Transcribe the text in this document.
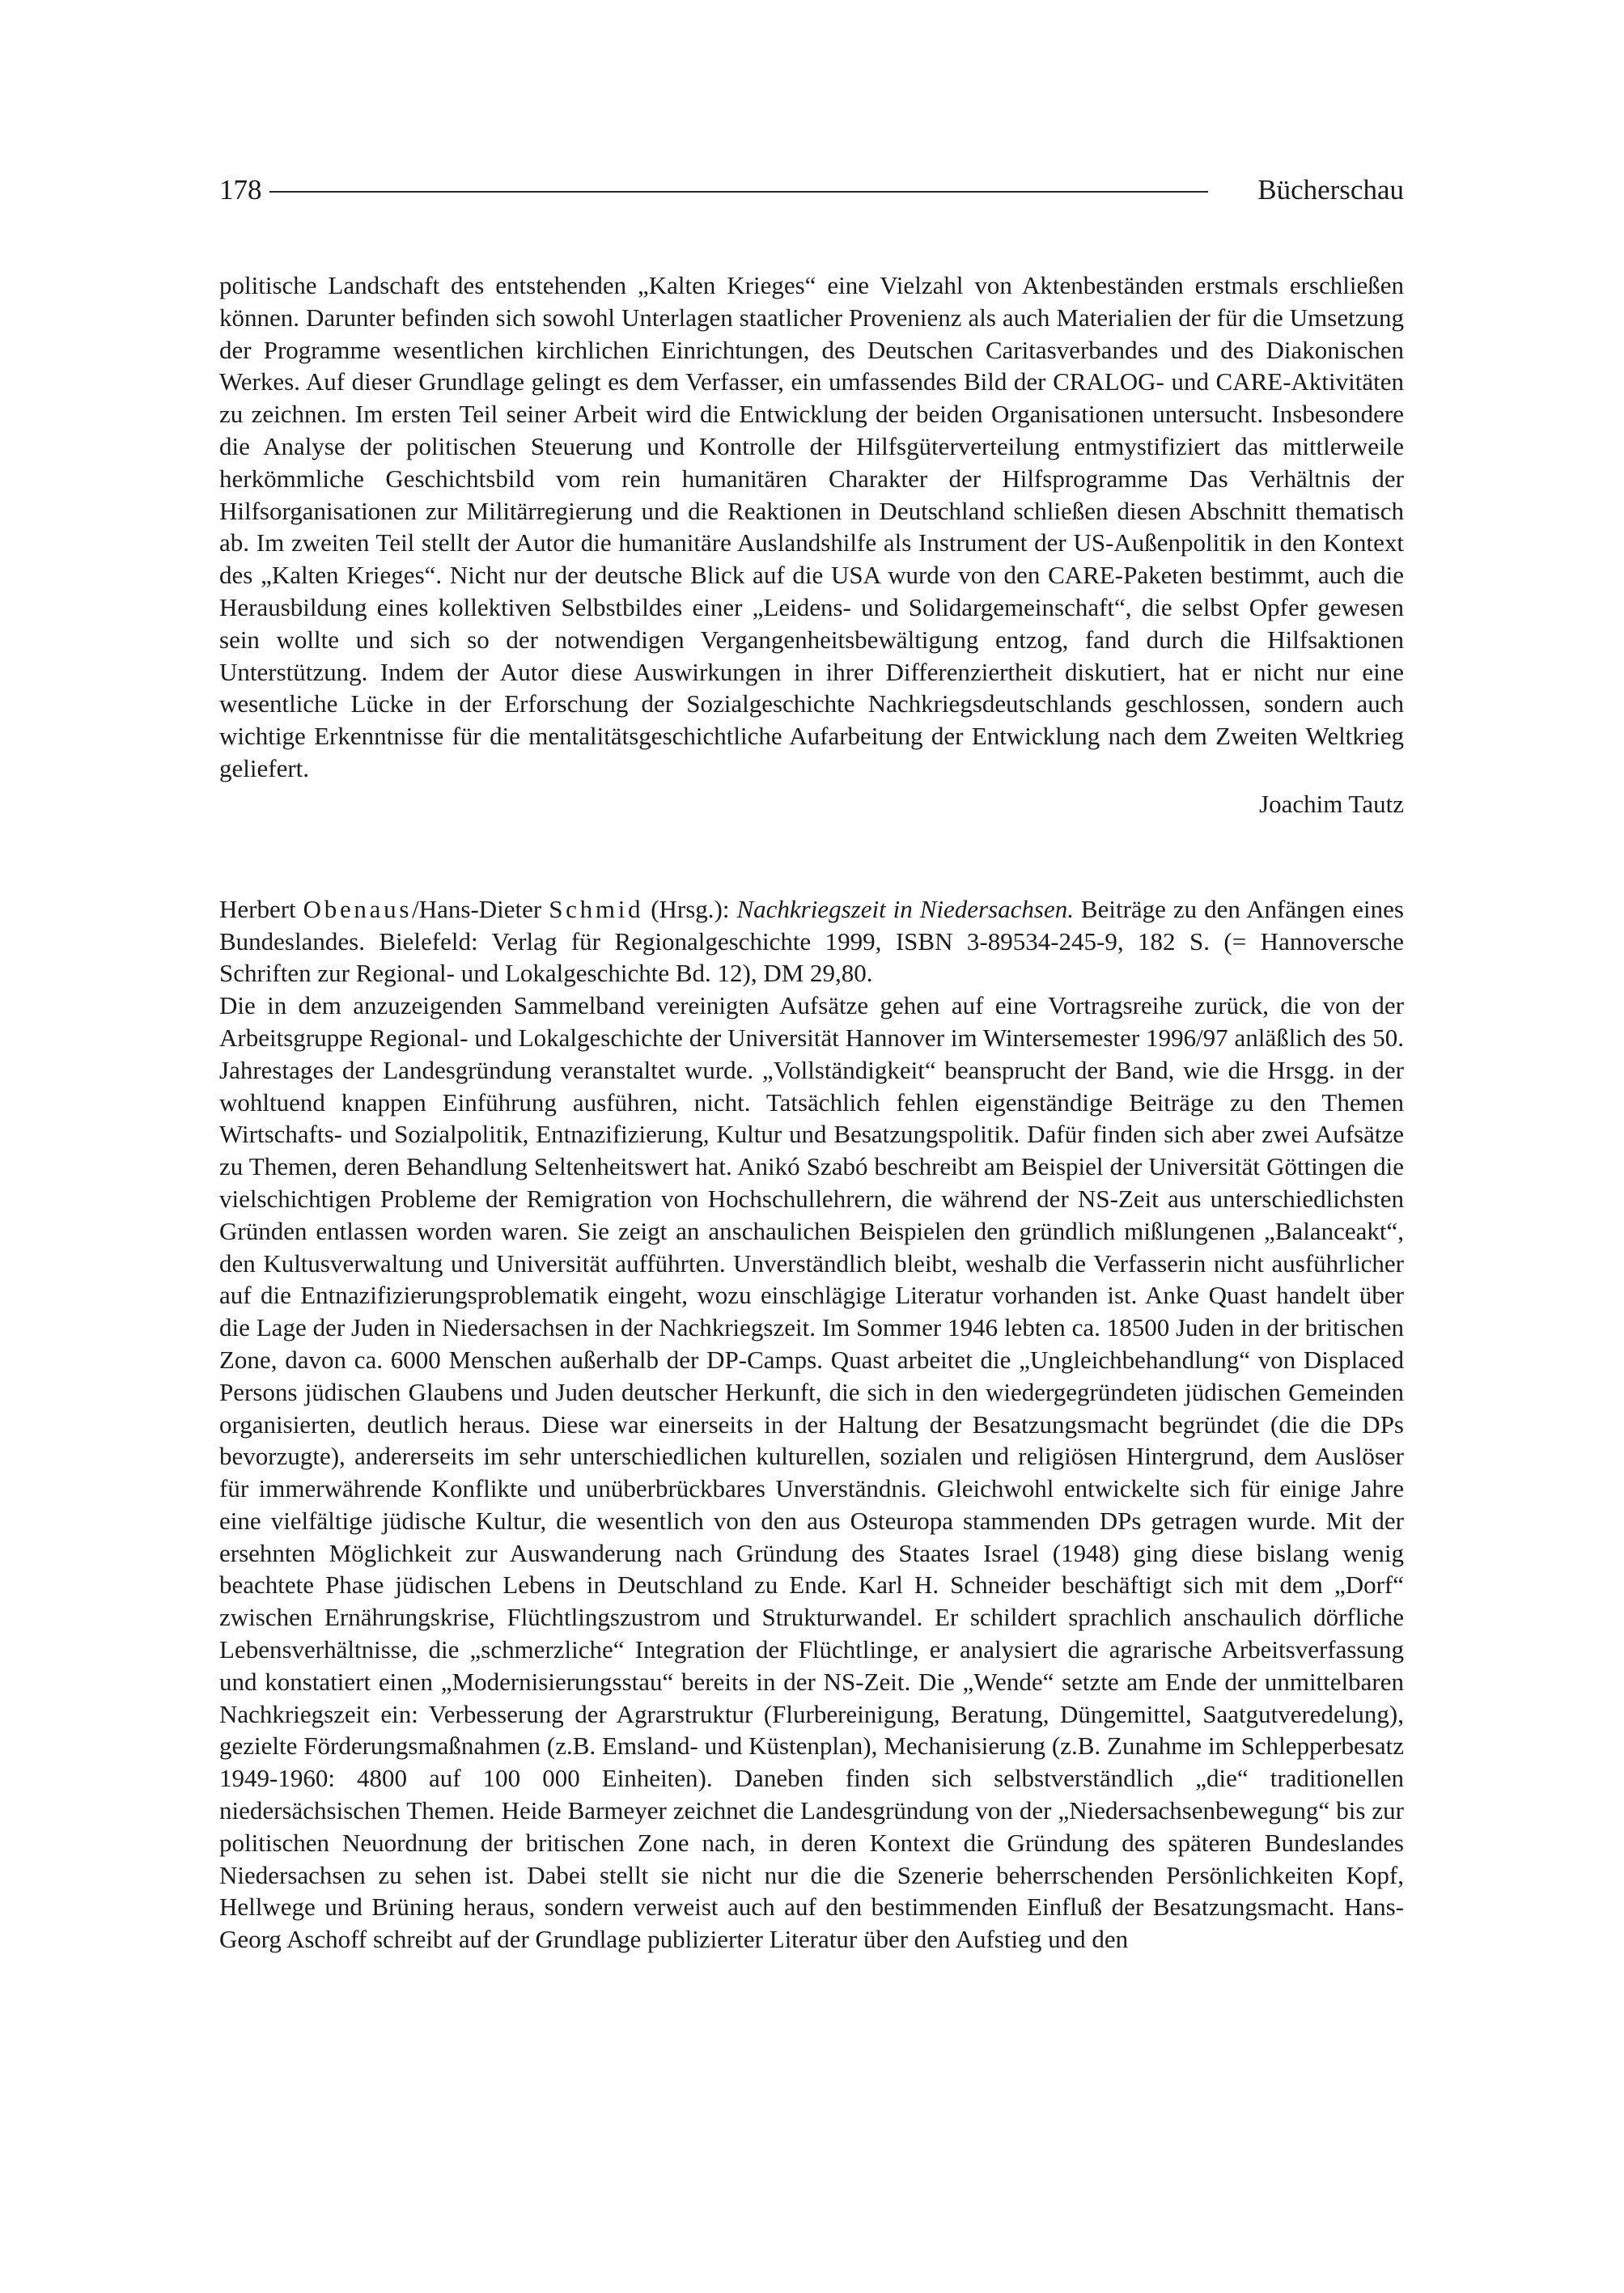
178	Bücherschau

politische Landschaft des entstehenden „Kalten Krieges“ eine Vielzahl von Aktenbeständen erstmals erschließen können. Darunter befinden sich sowohl Unterlagen staatlicher Provenienz als auch Materialien der für die Umsetzung der Programme wesentlichen kirchlichen Einrichtungen, des Deutschen Caritasverbandes und des Diakonischen Werkes. Auf dieser Grundlage gelingt es dem Verfasser, ein umfassendes Bild der CRALOG- und CARE-Aktivitäten zu zeichnen. Im ersten Teil seiner Arbeit wird die Entwicklung der beiden Organisationen untersucht. Insbesondere die Analyse der politischen Steuerung und Kontrolle der Hilfsgüterverteilung entmystifiziert das mittlerweile herkömmliche Geschichtsbild vom rein humanitären Charakter der Hilfsprogramme Das Verhältnis der Hilfsorganisationen zur Militärregierung und die Reaktionen in Deutschland schließen diesen Abschnitt thematisch ab. Im zweiten Teil stellt der Autor die humanitäre Auslandshilfe als Instrument der US-Außenpolitik in den Kontext des „Kalten Krieges“. Nicht nur der deutsche Blick auf die USA wurde von den CARE-Paketen bestimmt, auch die Herausbildung eines kollektiven Selbstbildes einer „Leidens- und Solidargemeinschaft“, die selbst Opfer gewesen sein wollte und sich so der notwendigen Vergangenheitsbewältigung entzog, fand durch die Hilfsaktionen Unterstützung. Indem der Autor diese Auswirkungen in ihrer Differenziertheit diskutiert, hat er nicht nur eine wesentliche Lücke in der Erforschung der Sozialgeschichte Nachkriegsdeutschlands geschlossen, sondern auch wichtige Erkenntnisse für die mentalitätsgeschichtliche Aufarbeitung der Entwicklung nach dem Zweiten Weltkrieg geliefert.

Joachim Tautz

Herbert Obenaus/Hans-Dieter Schmid (Hrsg.): Nachkriegszeit in Niedersachsen. Beiträge zu den Anfängen eines Bundeslandes. Bielefeld: Verlag für Regionalgeschichte 1999, ISBN 3-89534-245-9, 182 S. (= Hannoversche Schriften zur Regional- und Lokalgeschichte Bd. 12), DM 29,80.

Die in dem anzuzeigenden Sammelband vereinigten Aufsätze gehen auf eine Vortragsreihe zurück, die von der Arbeitsgruppe Regional- und Lokalgeschichte der Universität Hannover im Wintersemester 1996/97 anläßlich des 50. Jahrestages der Landesgründung veranstaltet wurde. „Vollständigkeit“ beansprucht der Band, wie die Hrsgg. in der wohltuend knappen Einführung ausführen, nicht. Tatsächlich fehlen eigenständige Beiträge zu den Themen Wirtschafts- und Sozialpolitik, Entnazifizierung, Kultur und Besatzungspolitik. Dafür finden sich aber zwei Aufsätze zu Themen, deren Behandlung Seltenheitswert hat. Anikó Szabó beschreibt am Beispiel der Universität Göttingen die vielschichtigen Probleme der Remigration von Hochschullehrern, die während der NS-Zeit aus unterschiedlichsten Gründen entlassen worden waren. Sie zeigt an anschaulichen Beispielen den gründlich mißlungenen „Balanceakt“, den Kultusverwaltung und Universität aufführten. Unverständlich bleibt, weshalb die Verfasserin nicht ausführlicher auf die Entnazifizierungsproblematik eingeht, wozu einschlägige Literatur vorhanden ist. Anke Quast handelt über die Lage der Juden in Niedersachsen in der Nachkriegszeit. Im Sommer 1946 lebten ca. 18500 Juden in der britischen Zone, davon ca. 6000 Menschen außerhalb der DP-Camps. Quast arbeitet die „Ungleichbehandlung“ von Displaced Persons jüdischen Glaubens und Juden deutscher Herkunft, die sich in den wiedergegründeten jüdischen Gemeinden organisierten, deutlich heraus. Diese war einerseits in der Haltung der Besatzungsmacht begründet (die die DPs bevorzugte), andererseits im sehr unterschiedlichen kulturellen, sozialen und religiösen Hintergrund, dem Auslöser für immerwährende Konflikte und unüberbrückbares Unverständnis. Gleichwohl entwickelte sich für einige Jahre eine vielfältige jüdische Kultur, die wesentlich von den aus Osteuropa stammenden DPs getragen wurde. Mit der ersehnten Möglichkeit zur Auswanderung nach Gründung des Staates Israel (1948) ging diese bislang wenig beachtete Phase jüdischen Lebens in Deutschland zu Ende. Karl H. Schneider beschäftigt sich mit dem „Dorf“ zwischen Ernährungskrise, Flüchtlingszustrom und Strukturwandel. Er schildert sprachlich anschaulich dörfliche Lebensverhältnisse, die „schmerzliche“ Integration der Flüchtlinge, er analysiert die agrarische Arbeitsverfassung und konstatiert einen „Modernisierungsstau“ bereits in der NS-Zeit. Die „Wende“ setzte am Ende der unmittelbaren Nachkriegszeit ein: Verbesserung der Agrarstruktur (Flurbereinigung, Beratung, Düngemittel, Saatgutveredelung), gezielte Förderungsmaßnahmen (z.B. Emsland- und Küstenplan), Mechanisierung (z.B. Zunahme im Schlepperbesatz 1949-1960: 4800 auf 100 000 Einheiten). Daneben finden sich selbstverständlich „die“ traditionellen niedersächsischen Themen. Heide Barmeyer zeichnet die Landesgründung von der „Niedersachsenbewegung“ bis zur politischen Neuordnung der britischen Zone nach, in deren Kontext die Gründung des späteren Bundeslandes Niedersachsen zu sehen ist. Dabei stellt sie nicht nur die die Szenerie beherrschenden Persönlichkeiten Kopf, Hellwege und Brüning heraus, sondern verweist auch auf den bestimmenden Einfluß der Besatzungsmacht. Hans-Georg Aschoff schreibt auf der Grundlage publizierter Literatur über den Aufstieg und den
